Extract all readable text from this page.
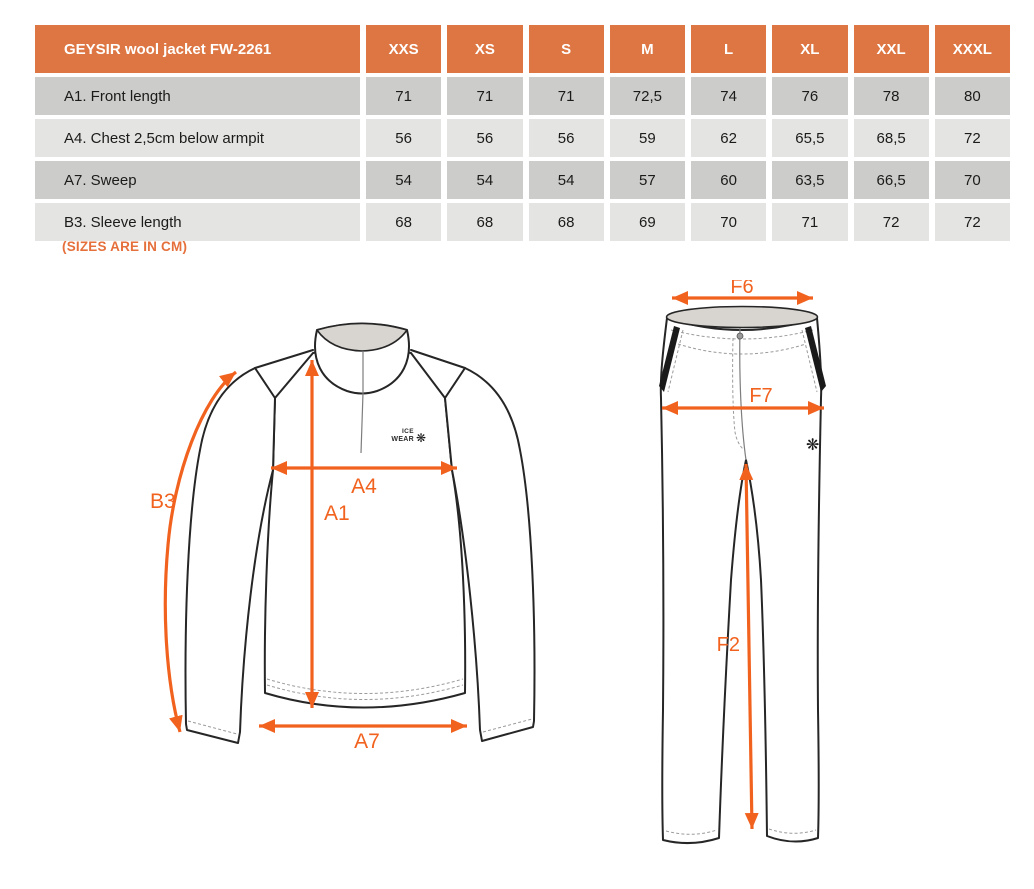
GEYSIR wool jacket FW-2261	XXS	XS	S	M	L	XL	XXL	XXXL
A1. Front length	71	71	71	72,5	74	76	78	80
A4. Chest 2,5cm below armpit	56	56	56	59	62	65,5	68,5	72
A7. Sweep	54	54	54	57	60	63,5	66,5	70
B3. Sleeve length	68	68	68	69	70	71	72	72
(SIZES ARE IN CM)
ICE
WEAR ❋
B3
A1
A4
A7
❋
F6
F7
F2
